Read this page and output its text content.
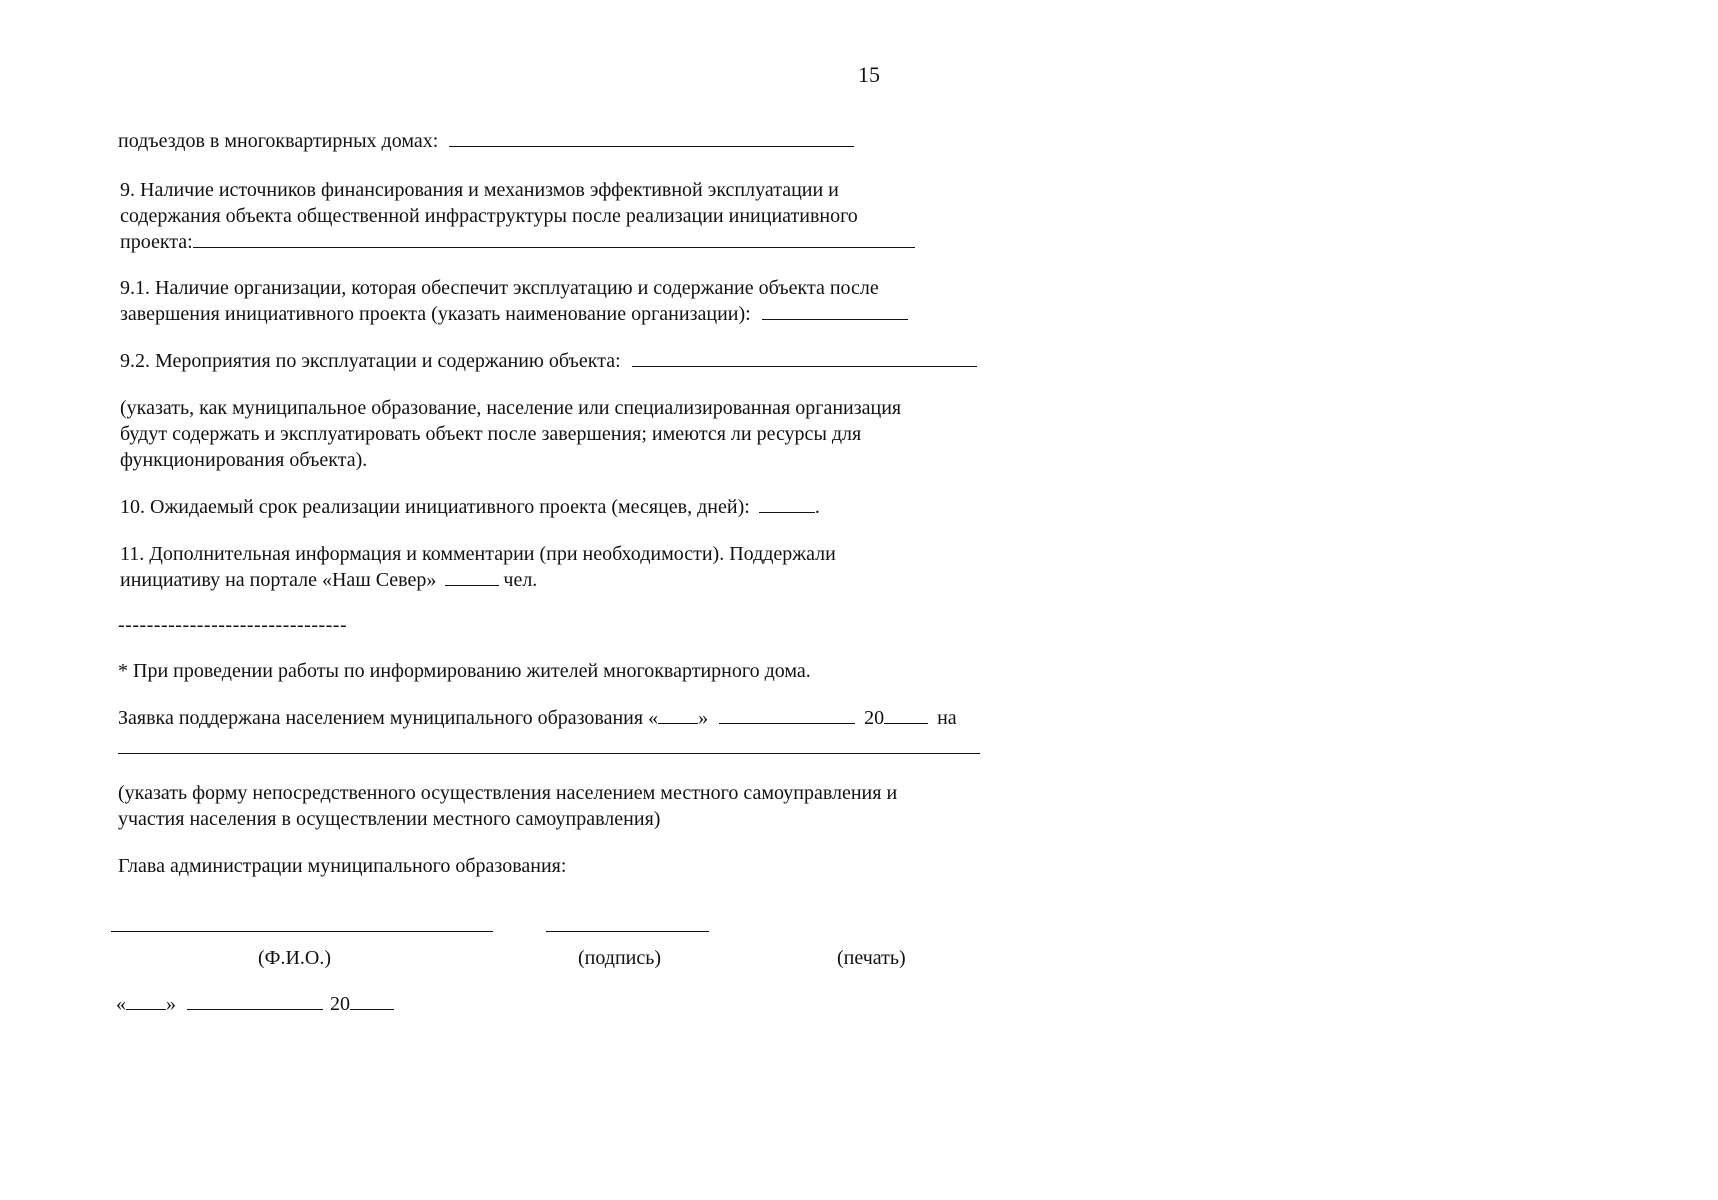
15
подъездов в многоквартирных домах:
9. Наличие источников финансирования и механизмов эффективной эксплуатации и
содержания объекта общественной инфраструктуры после реализации инициативного
проекта:
9.1. Наличие организации, которая обеспечит эксплуатацию и содержание объекта после
завершения инициативного проекта (указать наименование организации):
9.2. Мероприятия по эксплуатации и содержанию объекта:
(указать, как муниципальное образование, население или специализированная организация
будут содержать и эксплуатировать объект после завершения; имеются ли ресурсы для
функционирования объекта).
10. Ожидаемый срок реализации инициативного проекта (месяцев, дней):	.
11. Дополнительная информация и комментарии (при необходимости). Поддержали
инициативу на портале «Наш Север»	чел.
--------------------------------
* При проведении работы по информированию жителей многоквартирного дома.
Заявка поддержана населением муниципального образования « »	20	на
(указать форму непосредственного осуществления населением местного самоуправления и
участия населения в осуществлении местного самоуправления)
Глава администрации муниципального образования:
(Ф.И.О.)	(подпись)	(печать)
« »	20
